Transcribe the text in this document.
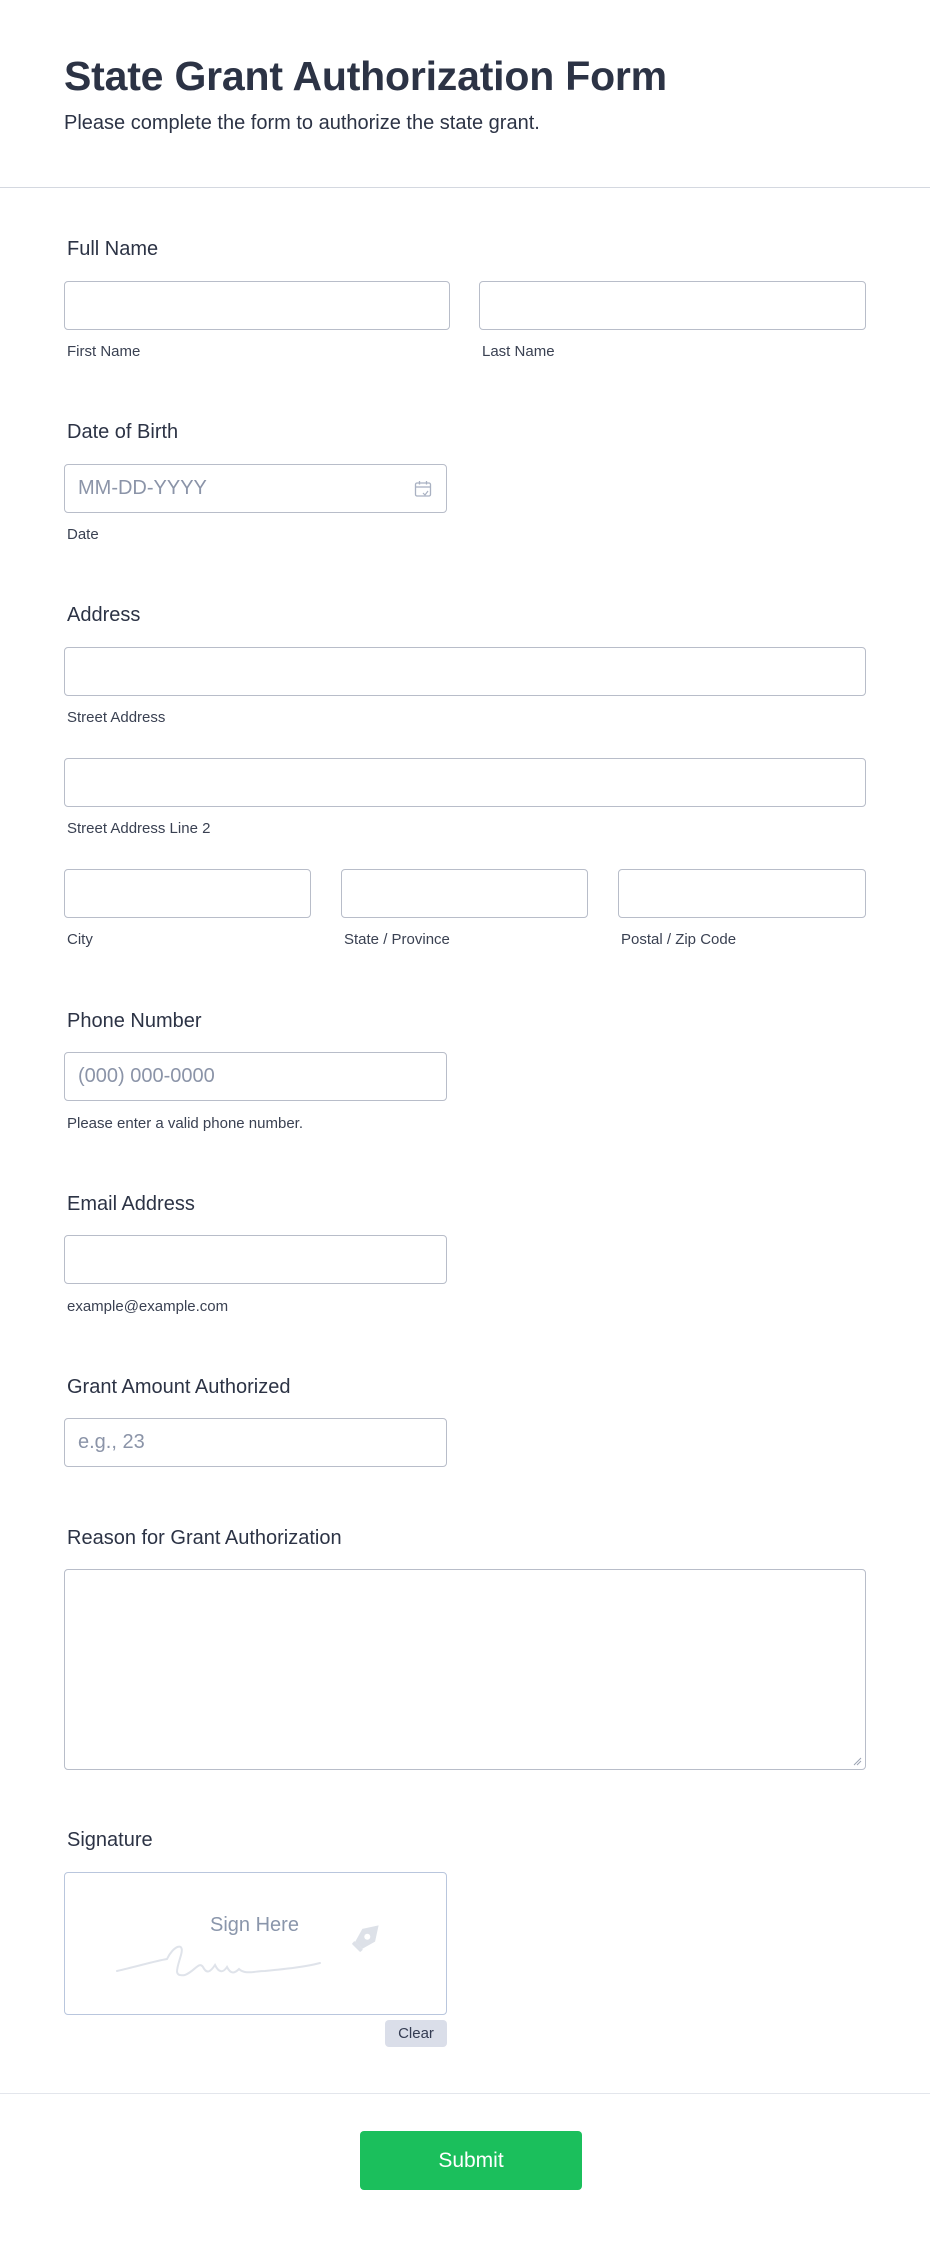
State Grant Authorization Form

Please complete the form to authorize the state grant.

Full Name
First Name	Last Name
Date of Birth
MM-DD-YYYY
Date
Address
Street Address
Street Address Line 2
City	State / Province	Postal / Zip Code
Phone Number
(000) 000-0000
Please enter a valid phone number.
Email Address
example@example.com
Grant Amount Authorized
e.g., 23
Reason for Grant Authorization
Signature
Sign Here
Clear
Submit
